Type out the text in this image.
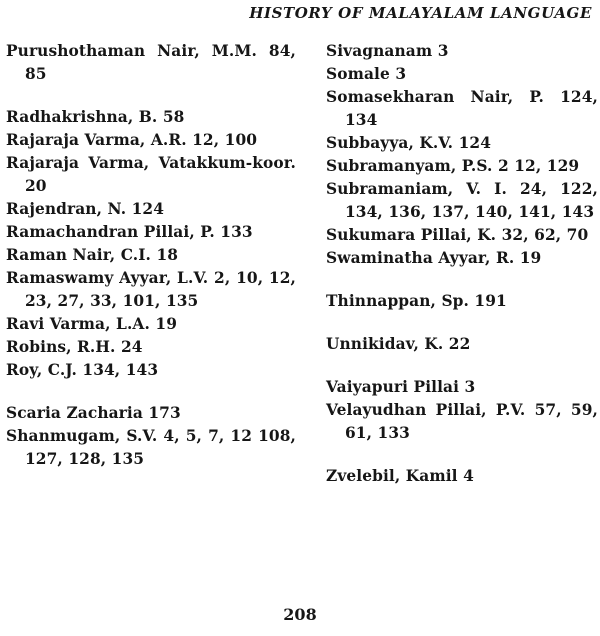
HISTORY OF MALAYALAM LANGUAGE

Purushothaman Nair, M.M. 84, 85

Radhakrishna, B. 58

Rajaraja Varma, A.R. 12, 100

Rajaraja Varma, Vatakkum-koor. 20

Rajendran, N. 124

Ramachandran Pillai, P. 133

Raman Nair, C.I. 18

Ramaswamy Ayyar, L.V. 2, 10, 12, 23, 27, 33, 101, 135

Ravi Varma, L.A. 19

Robins, R.H. 24

Roy, C.J. 134, 143

Scaria Zacharia 173

Shanmugam, S.V. 4, 5, 7, 12 108, 127, 128, 135

Sivagnanam 3

Somale 3

Somasekharan Nair, P. 124, 134

Subbayya, K.V. 124

Subramanyam, P.S. 2 12, 129

Subramaniam, V. I. 24, 122, 134, 136, 137, 140, 141, 143

Sukumara Pillai, K. 32, 62, 70

Swaminatha Ayyar, R. 19

Thinnappan, Sp. 191

Unnikidav, K. 22

Vaiyapuri Pillai 3

Velayudhan Pillai, P.V. 57, 59, 61, 133

Zvelebil, Kamil 4

208
